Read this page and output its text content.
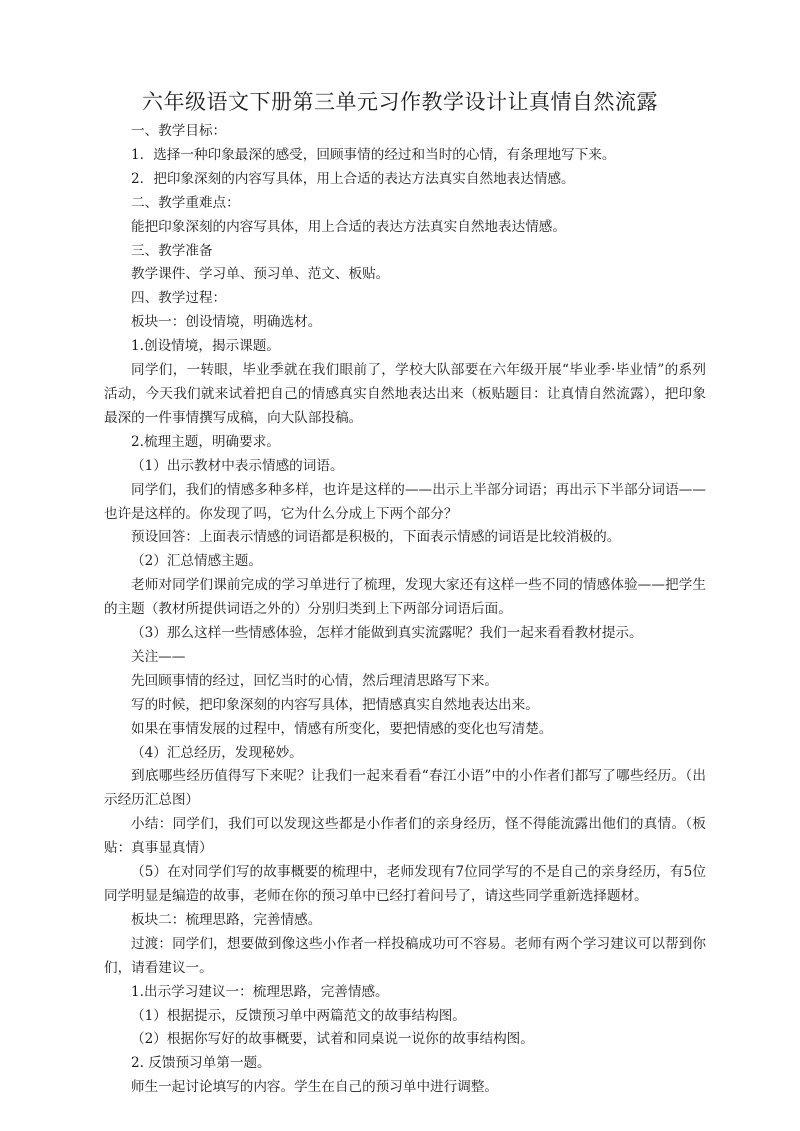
六年级语文下册第三单元习作教学设计让真情自然流露

一、教学目标：

1．选择一种印象最深的感受，回顾事情的经过和当时的心情，有条理地写下来。

2．把印象深刻的内容写具体，用上合适的表达方法真实自然地表达情感。

二、教学重难点：

能把印象深刻的内容写具体，用上合适的表达方法真实自然地表达情感。

三、教学准备

教学课件、学习单、预习单、范文、板贴。

四、教学过程：

板块一：创设情境，明确选材。

1.创设情境，揭示课题。

同学们，一转眼，毕业季就在我们眼前了，学校大队部要在六年级开展“毕业季·毕业情”的系列活动，今天我们就来试着把自己的情感真实自然地表达出来（板贴题目：让真情自然流露），把印象最深的一件事情撰写成稿，向大队部投稿。

2.梳理主题，明确要求。

（1）出示教材中表示情感的词语。

同学们，我们的情感多种多样，也许是这样的——出示上半部分词语；再出示下半部分词语——也许是这样的。你发现了吗，它为什么分成上下两个部分？

预设回答：上面表示情感的词语都是积极的，下面表示情感的词语是比较消极的。

（2）汇总情感主题。

老师对同学们课前完成的学习单进行了梳理，发现大家还有这样一些不同的情感体验——把学生的主题（教材所提供词语之外的）分别归类到上下两部分词语后面。

（3）那么这样一些情感体验，怎样才能做到真实流露呢？我们一起来看看教材提示。

关注——

先回顾事情的经过，回忆当时的心情，然后理清思路写下来。

写的时候，把印象深刻的内容写具体，把情感真实自然地表达出来。

如果在事情发展的过程中，情感有所变化，要把情感的变化也写清楚。

（4）汇总经历，发现秘妙。

到底哪些经历值得写下来呢？让我们一起来看看“春江小语”中的小作者们都写了哪些经历。（出示经历汇总图）

小结：同学们，我们可以发现这些都是小作者们的亲身经历，怪不得能流露出他们的真情。（板贴：真事显真情）

（5）在对同学们写的故事概要的梳理中，老师发现有7位同学写的不是自己的亲身经历，有5位同学明显是编造的故事，老师在你的预习单中已经打着问号了，请这些同学重新选择题材。

板块二：梳理思路，完善情感。

过渡：同学们，想要做到像这些小作者一样投稿成功可不容易。老师有两个学习建议可以帮到你们，请看建议一。

1.出示学习建议一：梳理思路，完善情感。

（1）根据提示，反馈预习单中两篇范文的故事结构图。

（2）根据你写好的故事概要，试着和同桌说一说你的故事结构图。

2. 反馈预习单第一题。

师生一起讨论填写的内容。学生在自己的预习单中进行调整。
